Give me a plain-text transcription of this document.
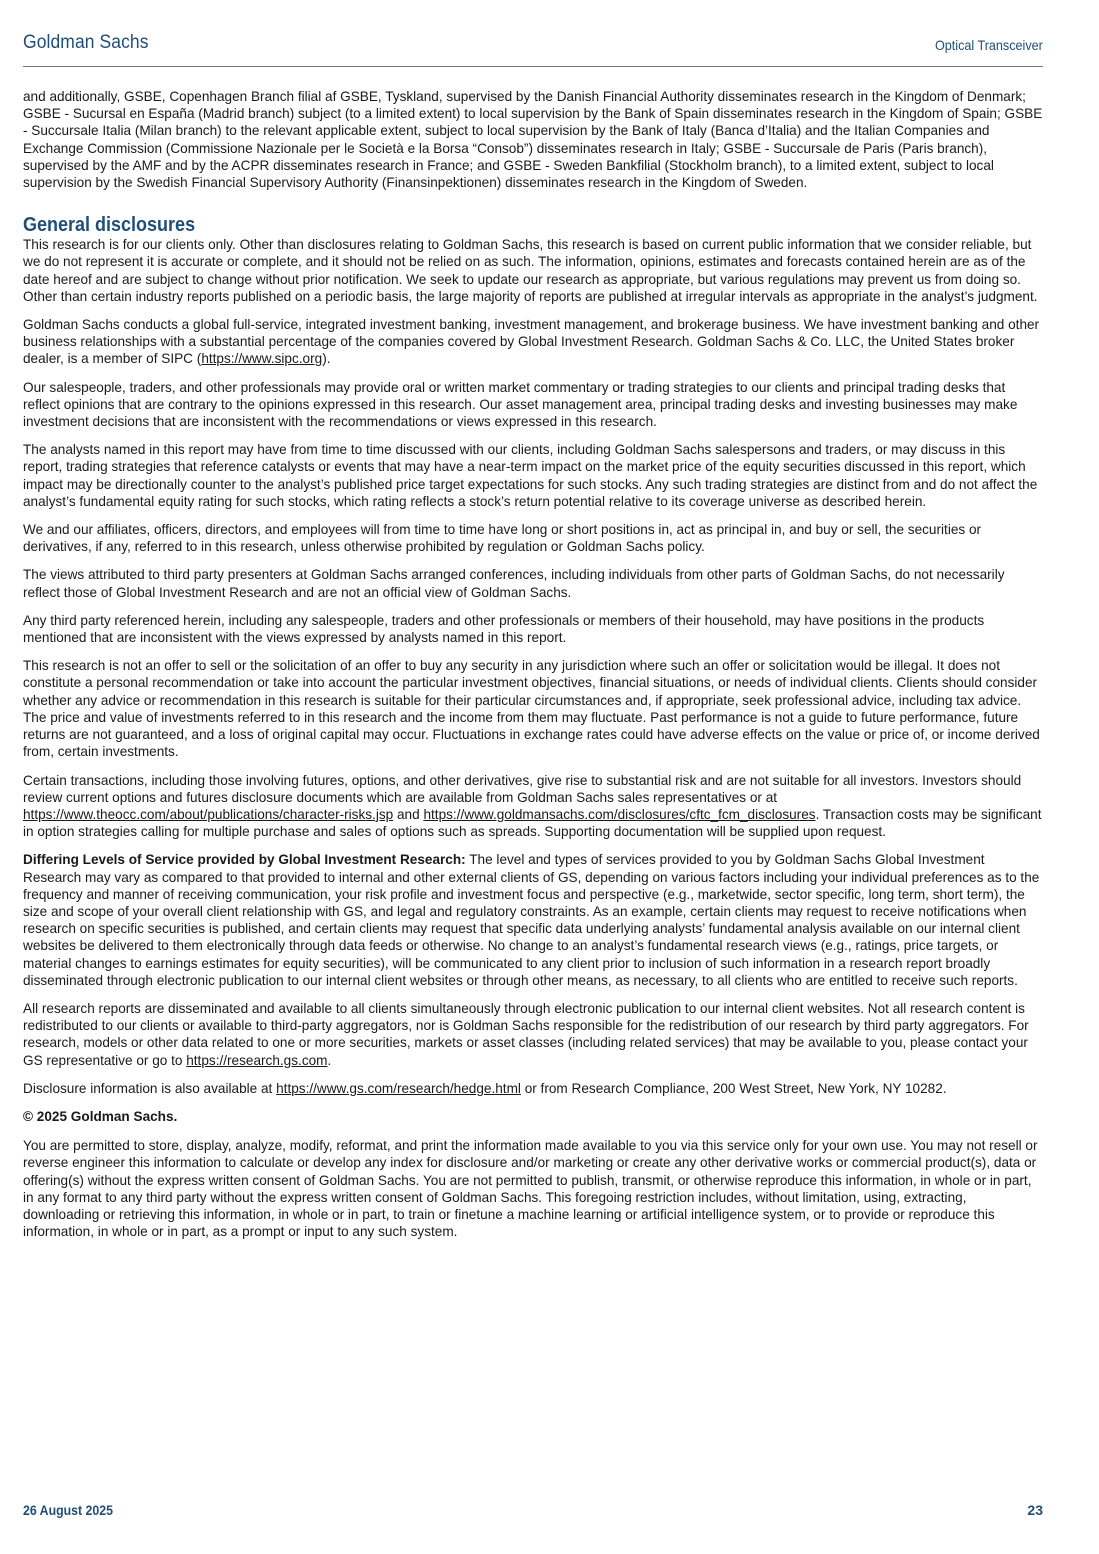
Goldman Sachs	Optical Transceiver

and additionally, GSBE, Copenhagen Branch filial af GSBE, Tyskland, supervised by the Danish Financial Authority disseminates research in the Kingdom of Denmark; GSBE - Sucursal en España (Madrid branch) subject (to a limited extent) to local supervision by the Bank of Spain disseminates research in the Kingdom of Spain; GSBE - Succursale Italia (Milan branch) to the relevant applicable extent, subject to local supervision by the Bank of Italy (Banca d’Italia) and the Italian Companies and Exchange Commission (Commissione Nazionale per le Società e la Borsa “Consob”) disseminates research in Italy; GSBE - Succursale de Paris (Paris branch), supervised by the AMF and by the ACPR disseminates research in France; and GSBE - Sweden Bankfilial (Stockholm branch), to a limited extent, subject to local supervision by the Swedish Financial Supervisory Authority (Finansinpektionen) disseminates research in the Kingdom of Sweden.

General disclosures

This research is for our clients only. Other than disclosures relating to Goldman Sachs, this research is based on current public information that we consider reliable, but we do not represent it is accurate or complete, and it should not be relied on as such. The information, opinions, estimates and forecasts contained herein are as of the date hereof and are subject to change without prior notification. We seek to update our research as appropriate, but various regulations may prevent us from doing so. Other than certain industry reports published on a periodic basis, the large majority of reports are published at irregular intervals as appropriate in the analyst’s judgment.

Goldman Sachs conducts a global full-service, integrated investment banking, investment management, and brokerage business. We have investment banking and other business relationships with a substantial percentage of the companies covered by Global Investment Research. Goldman Sachs & Co. LLC, the United States broker dealer, is a member of SIPC (https://www.sipc.org).

Our salespeople, traders, and other professionals may provide oral or written market commentary or trading strategies to our clients and principal trading desks that reflect opinions that are contrary to the opinions expressed in this research. Our asset management area, principal trading desks and investing businesses may make investment decisions that are inconsistent with the recommendations or views expressed in this research.

The analysts named in this report may have from time to time discussed with our clients, including Goldman Sachs salespersons and traders, or may discuss in this report, trading strategies that reference catalysts or events that may have a near-term impact on the market price of the equity securities discussed in this report, which impact may be directionally counter to the analyst’s published price target expectations for such stocks. Any such trading strategies are distinct from and do not affect the analyst’s fundamental equity rating for such stocks, which rating reflects a stock’s return potential relative to its coverage universe as described herein.

We and our affiliates, officers, directors, and employees will from time to time have long or short positions in, act as principal in, and buy or sell, the securities or derivatives, if any, referred to in this research, unless otherwise prohibited by regulation or Goldman Sachs policy.

The views attributed to third party presenters at Goldman Sachs arranged conferences, including individuals from other parts of Goldman Sachs, do not necessarily reflect those of Global Investment Research and are not an official view of Goldman Sachs.

Any third party referenced herein, including any salespeople, traders and other professionals or members of their household, may have positions in the products mentioned that are inconsistent with the views expressed by analysts named in this report.

This research is not an offer to sell or the solicitation of an offer to buy any security in any jurisdiction where such an offer or solicitation would be illegal. It does not constitute a personal recommendation or take into account the particular investment objectives, financial situations, or needs of individual clients. Clients should consider whether any advice or recommendation in this research is suitable for their particular circumstances and, if appropriate, seek professional advice, including tax advice. The price and value of investments referred to in this research and the income from them may fluctuate. Past performance is not a guide to future performance, future returns are not guaranteed, and a loss of original capital may occur. Fluctuations in exchange rates could have adverse effects on the value or price of, or income derived from, certain investments.

Certain transactions, including those involving futures, options, and other derivatives, give rise to substantial risk and are not suitable for all investors. Investors should review current options and futures disclosure documents which are available from Goldman Sachs sales representatives or at https://www.theocc.com/about/publications/character-risks.jsp and https://www.goldmansachs.com/disclosures/cftc_fcm_disclosures. Transaction costs may be significant in option strategies calling for multiple purchase and sales of options such as spreads. Supporting documentation will be supplied upon request.

Differing Levels of Service provided by Global Investment Research: The level and types of services provided to you by Goldman Sachs Global Investment Research may vary as compared to that provided to internal and other external clients of GS, depending on various factors including your individual preferences as to the frequency and manner of receiving communication, your risk profile and investment focus and perspective (e.g., marketwide, sector specific, long term, short term), the size and scope of your overall client relationship with GS, and legal and regulatory constraints. As an example, certain clients may request to receive notifications when research on specific securities is published, and certain clients may request that specific data underlying analysts’ fundamental analysis available on our internal client websites be delivered to them electronically through data feeds or otherwise. No change to an analyst’s fundamental research views (e.g., ratings, price targets, or material changes to earnings estimates for equity securities), will be communicated to any client prior to inclusion of such information in a research report broadly disseminated through electronic publication to our internal client websites or through other means, as necessary, to all clients who are entitled to receive such reports.

All research reports are disseminated and available to all clients simultaneously through electronic publication to our internal client websites. Not all research content is redistributed to our clients or available to third-party aggregators, nor is Goldman Sachs responsible for the redistribution of our research by third party aggregators. For research, models or other data related to one or more securities, markets or asset classes (including related services) that may be available to you, please contact your GS representative or go to https://research.gs.com.

Disclosure information is also available at https://www.gs.com/research/hedge.html or from Research Compliance, 200 West Street, New York, NY 10282.

© 2025 Goldman Sachs.

You are permitted to store, display, analyze, modify, reformat, and print the information made available to you via this service only for your own use. You may not resell or reverse engineer this information to calculate or develop any index for disclosure and/or marketing or create any other derivative works or commercial product(s), data or offering(s) without the express written consent of Goldman Sachs. You are not permitted to publish, transmit, or otherwise reproduce this information, in whole or in part, in any format to any third party without the express written consent of Goldman Sachs. This foregoing restriction includes, without limitation, using, extracting, downloading or retrieving this information, in whole or in part, to train or finetune a machine learning or artificial intelligence system, or to provide or reproduce this information, in whole or in part, as a prompt or input to any such system.

26 August 2025	23
